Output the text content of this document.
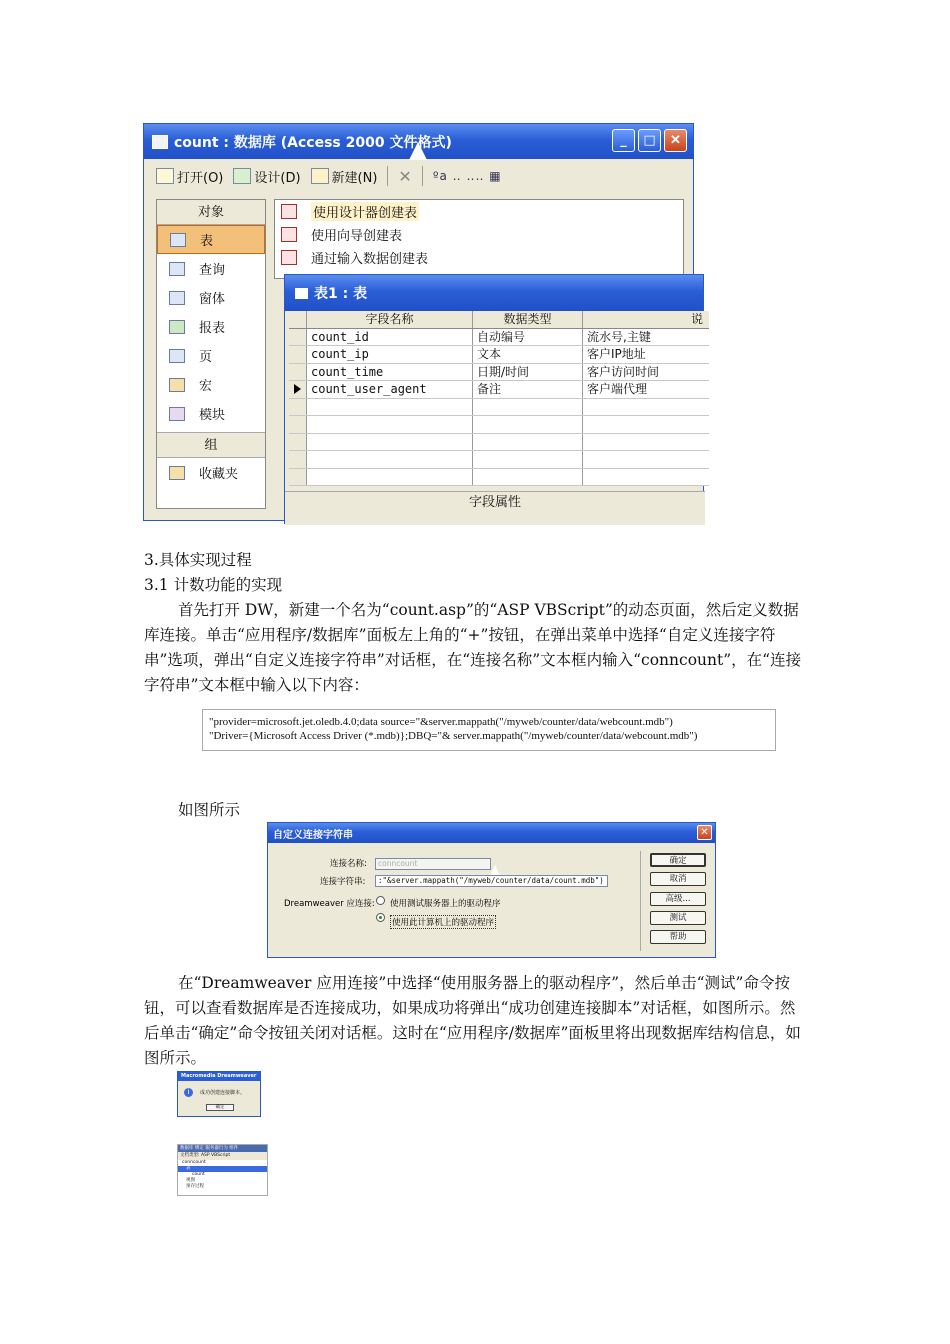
count : 数据库 (Access 2000 文件格式)	_	□	✕
打开(O) 设计(D) 新建(N) ✕ ºa ‥ ‥‥ ▦
对象
表
查询
窗体
报表
页
宏
模块
组
收藏夹
使用设计器创建表
使用向导创建表
通过输入数据创建表
表1 : 表
字段名称	数据类型	说
count_id	自动编号	流水号,主键
count_ip	文本	客户IP地址
count_time	日期/时间	客户访问时间
count_user_agent	备注	客户端代理
字段属性
3.具体实现过程
3.1 计数功能的实现
首先打开 DW，新建一个名为“count.asp”的“ASP VBScript”的动态页面，然后定义数据库连接。单击“应用程序/数据库”面板左上角的“+”按钮，在弹出菜单中选择“自定义连接字符串”选项，弹出“自定义连接字符串”对话框，在“连接名称”文本框内输入“conncount”，在“连接字符串”文本框中输入以下内容：
"provider=microsoft.jet.oledb.4.0;data source="&server.mappath("/myweb/counter/data/webcount.mdb")
"Driver={Microsoft Access Driver (*.mdb)};DBQ="& server.mappath("/myweb/counter/data/webcount.mdb")
如图所示
自定义连接字符串	✕
连接名称:	conncount
连接字符串:	:"&server.mappath("/myweb/counter/data/count.mdb")
Dreamweaver 应连接: 使用测试服务器上的驱动程序
使用此计算机上的驱动程序
确定
取消
高级...
测试
帮助
在“Dreamweaver 应用连接”中选择“使用服务器上的驱动程序”，然后单击“测试”命令按钮，可以查看数据库是否连接成功，如果成功将弹出“成功创建连接脚本”对话框，如图所示。然后单击“确定”命令按钮关闭对话框。这时在“应用程序/数据库”面板里将出现数据库结构信息，如图所示。
Macromedia Dreamweaver
i	成功创建连接脚本。
确定
数据库 绑定 服务器行为 组件
文档类型: ASP VBScript
conncount
表
count
视图
预存过程
